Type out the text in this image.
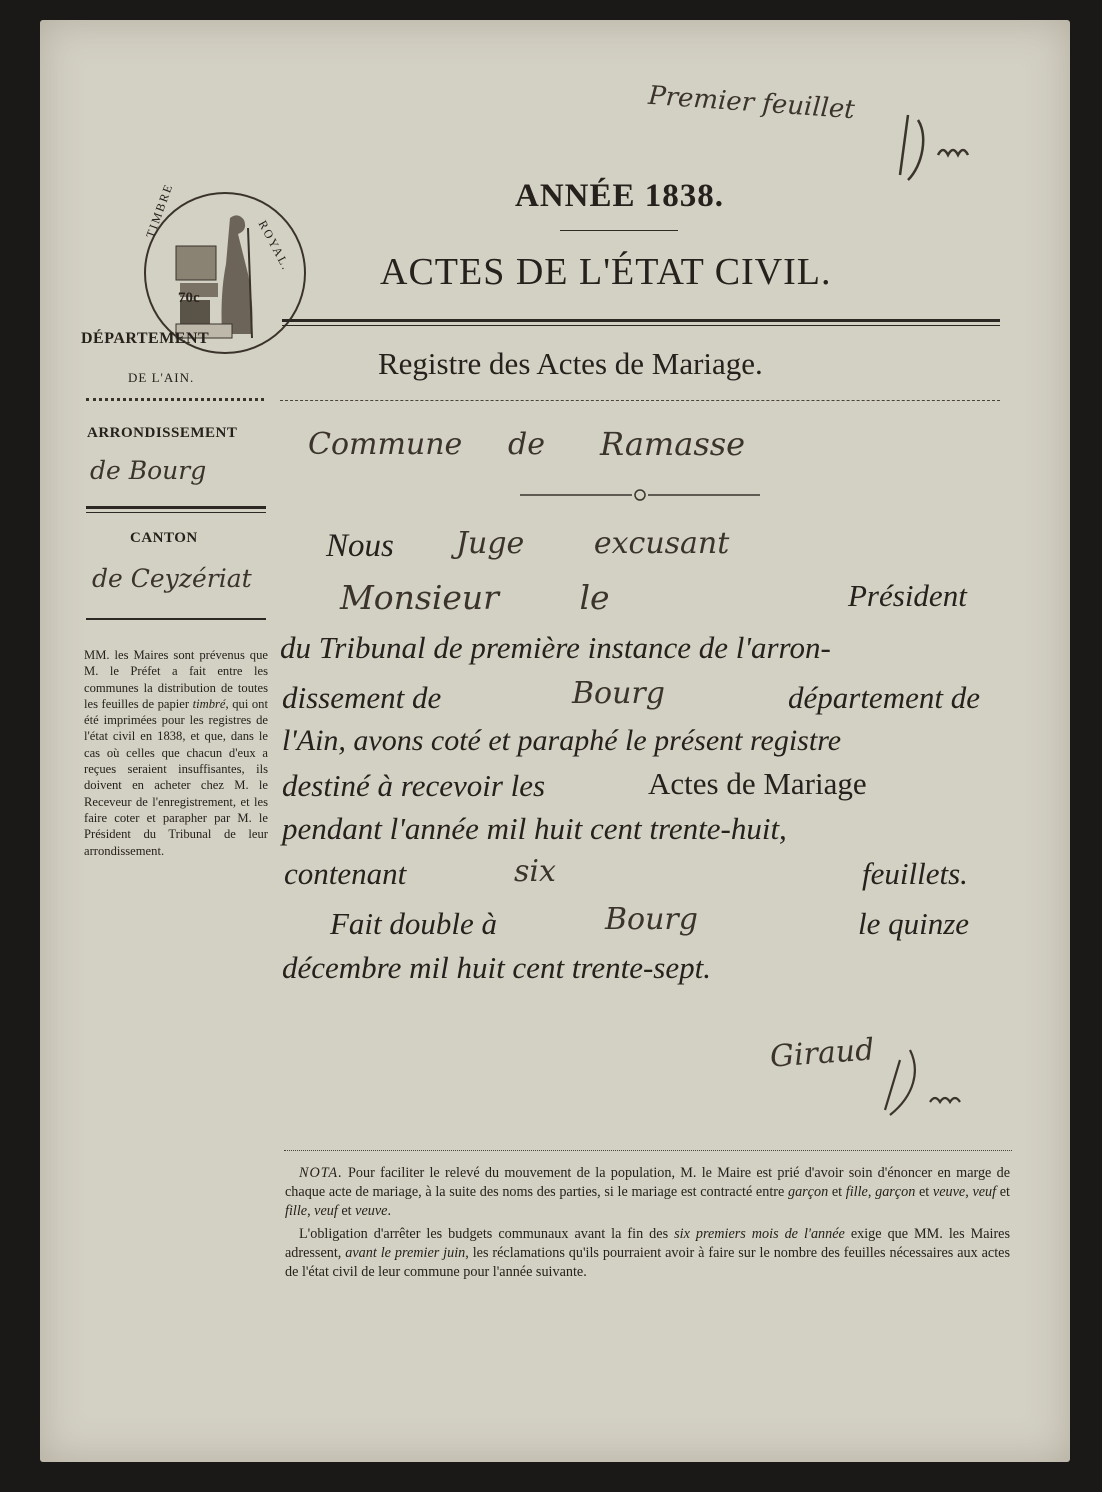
Premier feuillet
TIMBRE
ROYAL.
70c
ANNÉE 1838.
ACTES DE L'ÉTAT CIVIL.
Registre des Actes de Mariage.
DÉPARTEMENT
DE L'AIN.
ARRONDISSEMENT
de Bourg
CANTON
de Ceyzériat
MM. les Maires sont prévenus que M. le Préfet a fait entre les communes la distribution de toutes les feuilles de papier timbré, qui ont été imprimées pour les registres de l'état civil en 1838, et que, dans le cas où celles que chacun d'eux a reçues seraient insuffisantes, ils doivent en acheter chez M. le Receveur de l'enregistrement, et les faire coter et parapher par M. le Président du Tribunal de leur arrondissement.
Commune de Ramasse
Nous Juge excusant
Monsieur le	Président
du Tribunal de première instance de l'arron-
dissement de	Bourg	département de
l'Ain, avons coté et paraphé le présent registre
destiné à recevoir les	Actes de Mariage
pendant l'année mil huit cent trente-huit,
contenant	six	feuillets.
Fait double à	Bourg	le quinze
décembre mil huit cent trente-sept.
Giraud

NOTA. Pour faciliter le relevé du mouvement de la population, M. le Maire est prié d'avoir soin d'énoncer en marge de chaque acte de mariage, à la suite des noms des parties, si le mariage est contracté entre garçon et fille, garçon et veuve, veuf et fille, veuf et veuve.

L'obligation d'arrêter les budgets communaux avant la fin des six premiers mois de l'année exige que MM. les Maires adressent, avant le premier juin, les réclamations qu'ils pourraient avoir à faire sur le nombre des feuilles nécessaires aux actes de l'état civil de leur commune pour l'année suivante.
